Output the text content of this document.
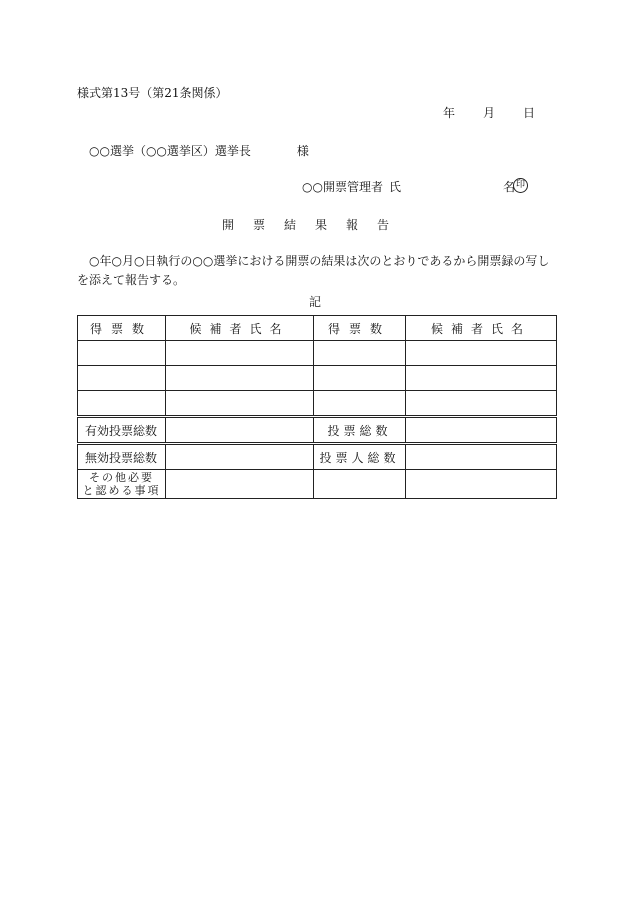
様式第13号（第21条関係）
年 月 日
○○選挙（○○選挙区）選挙長	様
○○開票管理者 氏	名印
開票結果報告
○年○月○日執行の○○選挙における開票の結果は次のとおりであるから開票録の写しを添えて報告する。
記
得票数	候補者氏名	得票数	候補者氏名

有効投票総数		投票総数	
無効投票総数		投票人総数	

その他必要
と認める事項			
